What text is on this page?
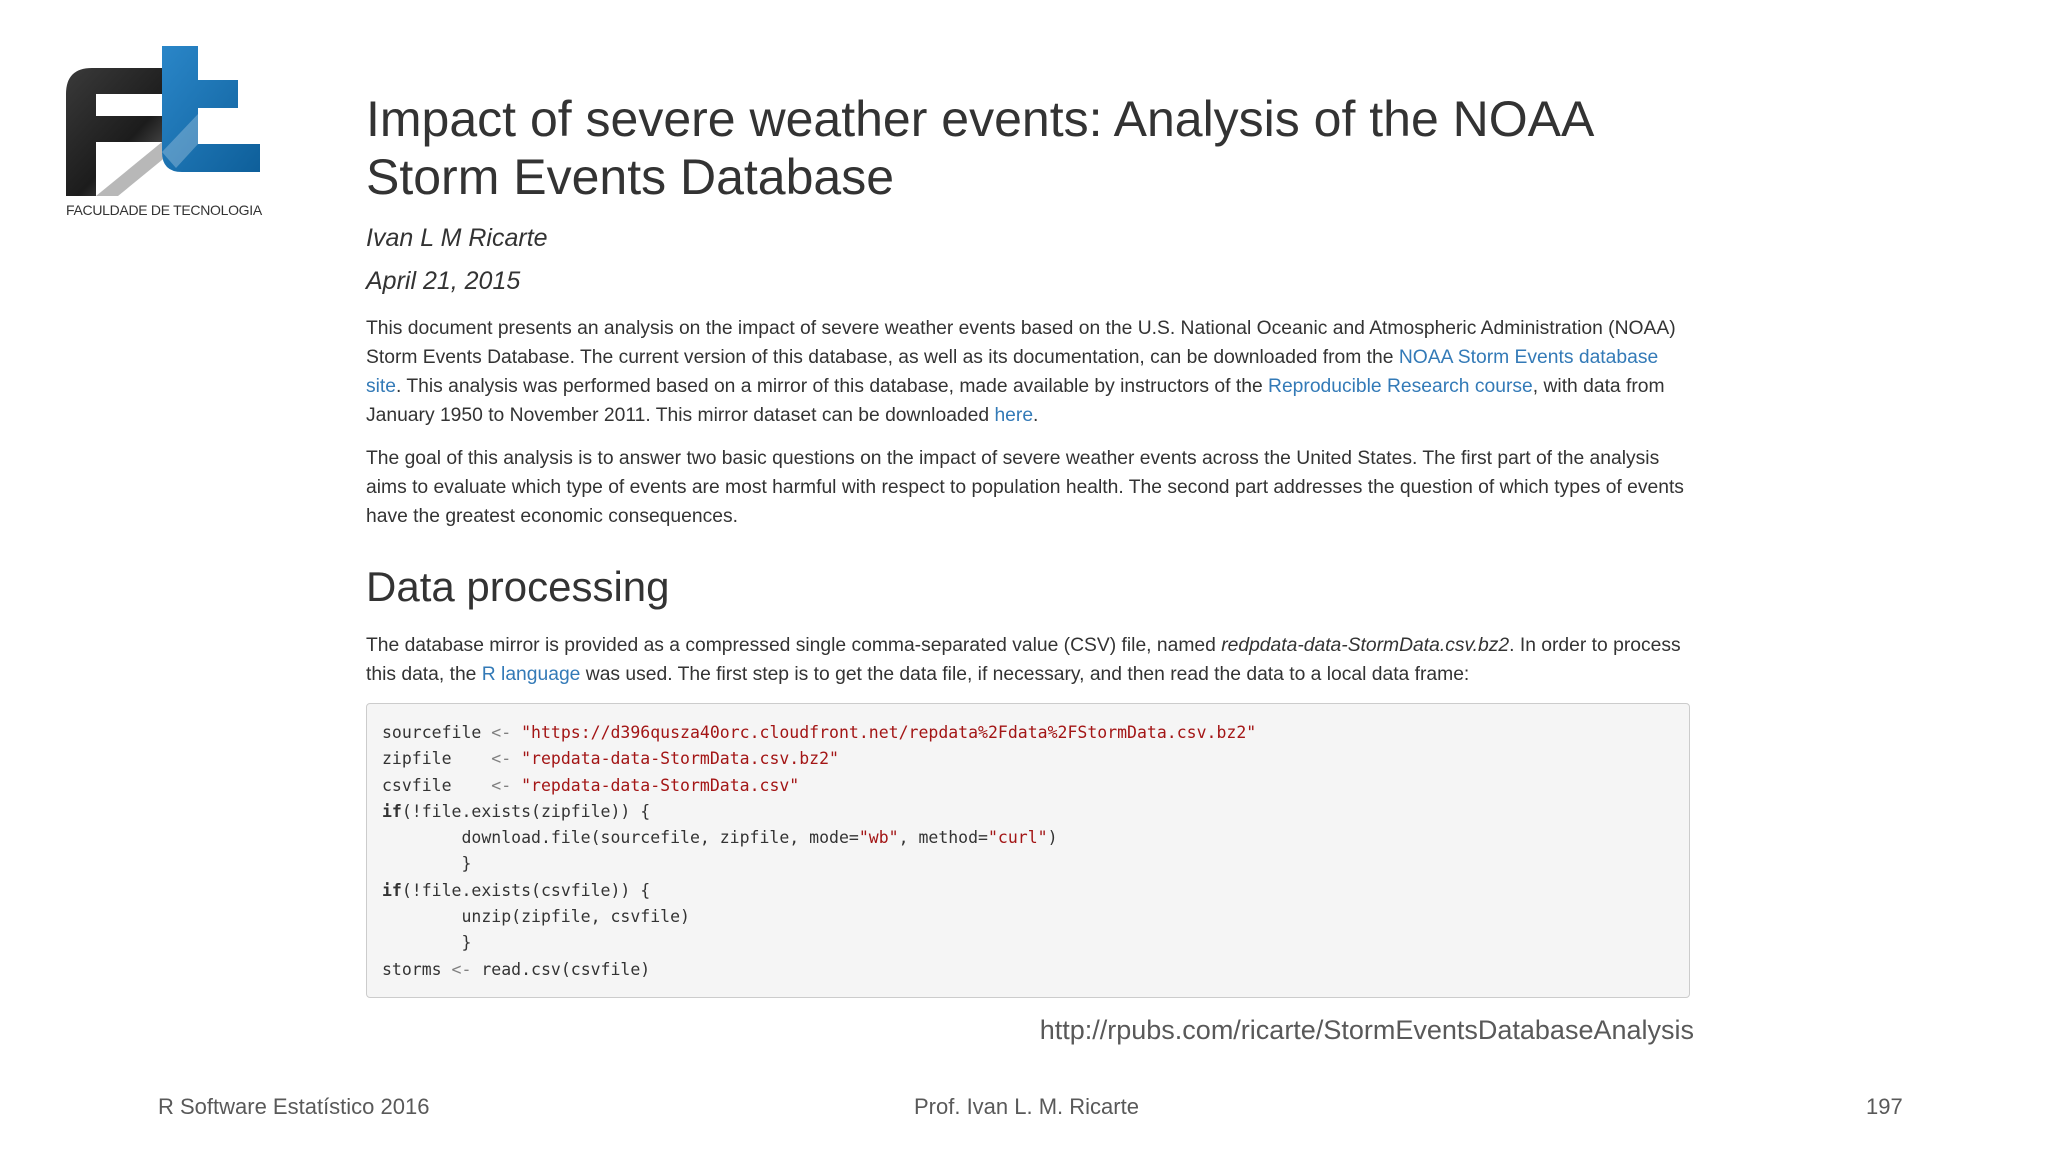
FACULDADE DE TECNOLOGIA
Impact of severe weather events: Analysis of the NOAA Storm Events Database
Ivan L M Ricarte
April 21, 2015

This document presents an analysis on the impact of severe weather events based on the U.S. National Oceanic and Atmospheric Administration (NOAA) Storm Events Database. The current version of this database, as well as its documentation, can be downloaded from the NOAA Storm Events database site. This analysis was performed based on a mirror of this database, made available by instructors of the Reproducible Research course, with data from January 1950 to November 2011. This mirror dataset can be downloaded here.

The goal of this analysis is to answer two basic questions on the impact of severe weather events across the United States. The first part of the analysis aims to evaluate which type of events are most harmful with respect to population health. The second part addresses the question of which types of events have the greatest economic consequences.

Data processing

The database mirror is provided as a compressed single comma-separated value (CSV) file, named redpdata-data-StormData.csv.bz2. In order to process this data, the R language was used. The first step is to get the data file, if necessary, and then read the data to a local data frame:

sourcefile <- "https://d396qusza40orc.cloudfront.net/repdata%2Fdata%2FStormData.csv.bz2"
zipfile    <- "repdata-data-StormData.csv.bz2"
csvfile    <- "repdata-data-StormData.csv"
if(!file.exists(zipfile)) {
download.file(sourcefile, zipfile, mode="wb", method="curl")
}
if(!file.exists(csvfile)) {
unzip(zipfile, csvfile)
}
storms <- read.csv(csvfile)
http://rpubs.com/ricarte/StormEventsDatabaseAnalysis
R Software Estatístico 2016	Prof. Ivan L. M. Ricarte	197
